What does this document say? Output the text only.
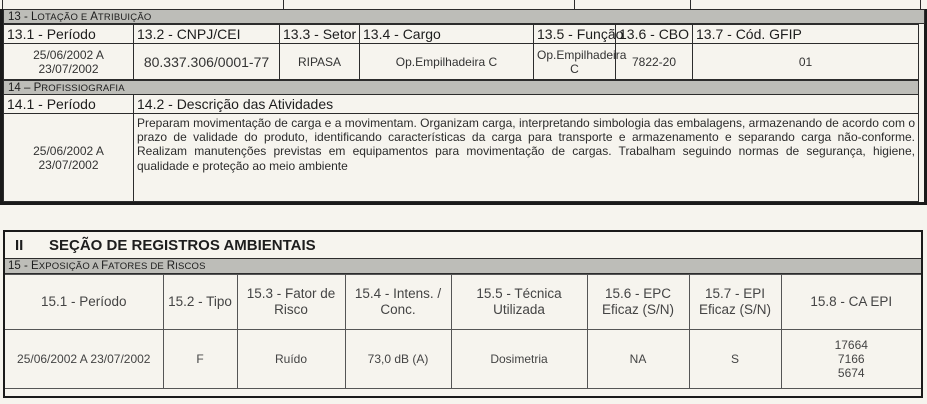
13 - LOTAÇÃO E ATRIBUIÇÃO
13.1 - Período	13.2 - CNPJ/CEI	13.3 - Setor	13.4 - Cargo	13.5 - Função	13.6 - CBO	13.7 - Cód. GFIP
25/06/2002 A 23/07/2002	80.337.306/0001-77	RIPASA	Op.Empilhadeira C	Op.Empilhadeira C	7822-20	01
14 – PROFISSIOGRAFIA	
14.1 - Período	14.2 - Descrição das Atividades
25/06/2002 A 23/07/2002	Preparam movimentação de carga e a movimentam. Organizam carga, interpretando simbologia das embalagens, armazenando de acordo com o prazo de validade do produto, identificando características da carga para transporte e armazenamento e separando carga não-conforme. Realizam manutenções previstas em equipamentos para movimentação de cargas. Trabalham seguindo normas de segurança, higiene, qualidade e proteção ao meio ambiente
II	SEÇÃO DE REGISTROS AMBIENTAIS
15 - EXPOSIÇÃO A FATORES DE RISCOS
15.1 - Período	15.2 - Tipo	15.3 - Fator de Risco	15.4 - Intens. / Conc.	15.5 - Técnica Utilizada	15.6 - EPC Eficaz (S/N)	15.7 - EPI Eficaz (S/N)	15.8 - CA EPI
25/06/2002 A 23/07/2002	F	Ruído	73,0 dB (A)	Dosimetria	NA	S	17664
7166
5674
